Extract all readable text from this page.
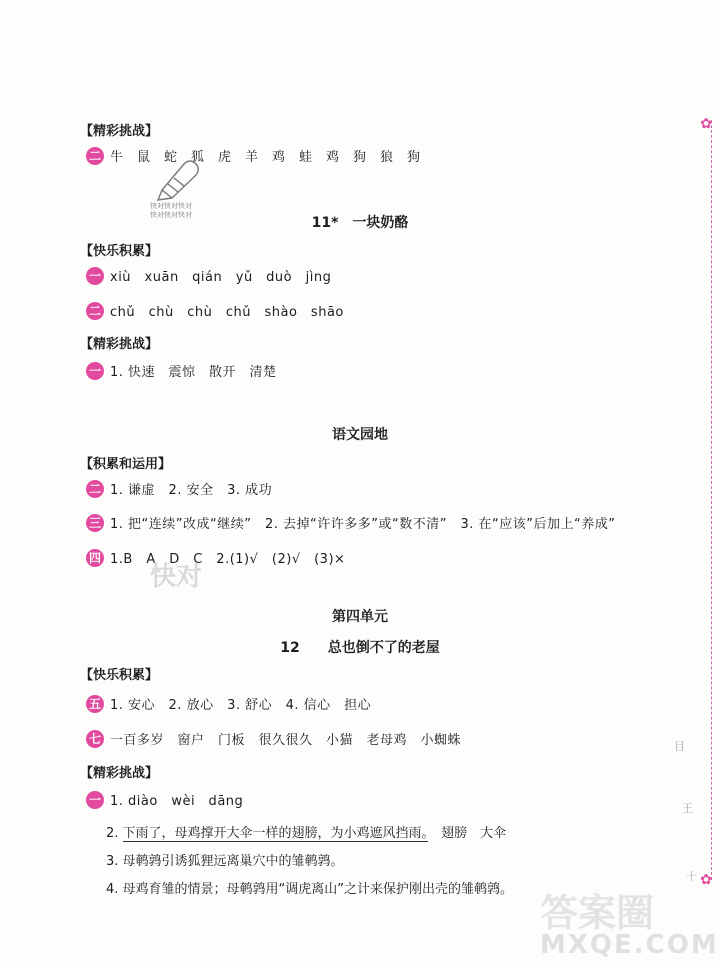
✿
✿
目
王
十
【精彩挑战】
二 牛　鼠　蛇　狐　虎　羊　鸡　蛙　鸡　狗　狼　狗
快对快对快对
快对快对快对	11*　一块奶酪
【快乐积累】
一 xiù　xuān　qián　yǔ　duò　jìng
二 chǔ　chù　chù　chǔ　shào　shāo
【精彩挑战】
一 1. 快速　震惊　散开　清楚
语文园地
【积累和运用】
二 1. 谦虚　2. 安全　3. 成功
三 1. 把“连续”改成“继续”　2. 去掉“许许多多”或“数不清”　3. 在“应该”后加上“养成”
四 1.B　A　D　C　2.(1)√　(2)√　(3)×
快对
第四单元
12　　总也倒不了的老屋
【快乐积累】
五 1. 安心　2. 放心　3. 舒心　4. 信心　担心
七 一百多岁　窗户　门板　很久很久　小猫　老母鸡　小蜘蛛
【精彩挑战】
一 1. diào　wèi　dāng
2. 下雨了，母鸡撑开大伞一样的翅膀，为小鸡遮风挡雨。　翅膀　大伞
3. 母鹌鹑引诱狐狸远离巢穴中的雏鹌鹑。
4. 母鸡育雏的情景；母鹌鹑用“调虎离山”之计来保护刚出壳的雏鹌鹑。
答案圈
MXQE.COM
